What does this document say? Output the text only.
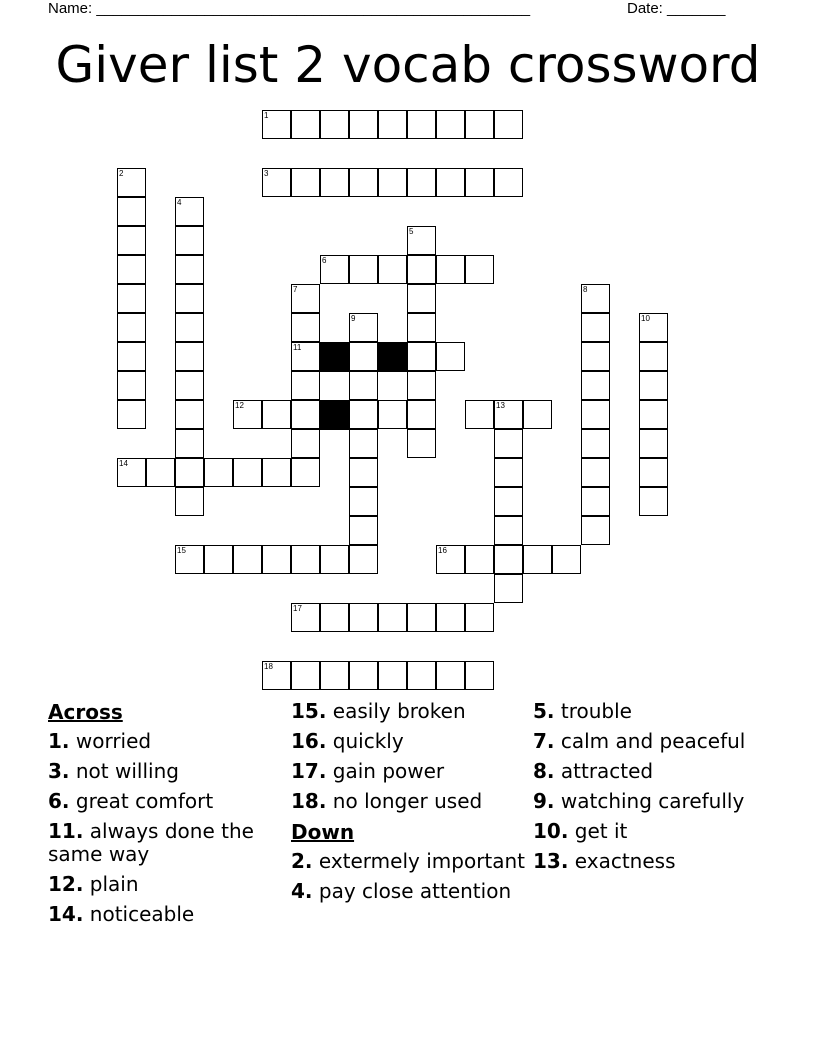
Name: ____________________________________________________	Date: _______
Giver list 2 vocab crossword
1
2	3
4
5
6
7	8
9	10
11
12	13
14
15	16
17
18
Across
1. worried
3. not willing
6. great comfort
11. always done the same way
12. plain
14. noticeable
15. easily broken
16. quickly
17. gain power
18. no longer used
Down
2. extermely important
4. pay close attention
5. trouble
7. calm and peaceful
8. attracted
9. watching carefully
10. get it
13. exactness
